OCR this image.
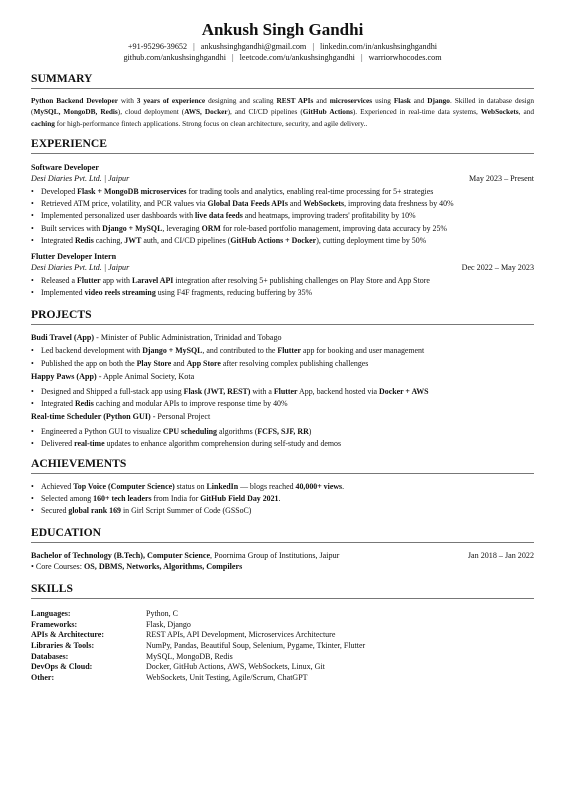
Ankush Singh Gandhi
+91-95296-39652 | ankushsinghgandhi@gmail.com | linkedin.com/in/ankushsinghgandhi
github.com/ankushsinghgandhi | leetcode.com/u/ankushsinghgandhi | warriorwhocodes.com
SUMMARY
Python Backend Developer with 3 years of experience designing and scaling REST APIs and microservices using Flask and Django. Skilled in database design (MySQL, MongoDB, Redis), cloud deployment (AWS, Docker), and CI/CD pipelines (GitHub Actions). Experienced in real-time data systems, WebSockets, and caching for high-performance fintech applications. Strong focus on clean architecture, security, and agile delivery..
EXPERIENCE
Software Developer
Desi Diaries Pvt. Ltd. | Jaipur	May 2023 – Present
• Developed Flask + MongoDB microservices for trading tools and analytics, enabling real-time processing for 5+ strategies
• Retrieved ATM price, volatility, and PCR values via Global Data Feeds APIs and WebSockets, improving data freshness by 40%
• Implemented personalized user dashboards with live data feeds and heatmaps, improving traders' profitability by 10%
• Built services with Django + MySQL, leveraging ORM for role-based portfolio management, improving data accuracy by 25%
• Integrated Redis caching, JWT auth, and CI/CD pipelines (GitHub Actions + Docker), cutting deployment time by 50%
Flutter Developer Intern
Desi Diaries Pvt. Ltd. | Jaipur	Dec 2022 – May 2023
• Released a Flutter app with Laravel API integration after resolving 5+ publishing challenges on Play Store and App Store
• Implemented video reels streaming using F4F fragments, reducing buffering by 35%
PROJECTS
Budi Travel (App) - Minister of Public Administration, Trinidad and Tobago
• Led backend development with Django + MySQL, and contributed to the Flutter app for booking and user management
• Published the app on both the Play Store and App Store after resolving complex publishing challenges
Happy Paws (App) - Apple Animal Society, Kota
• Designed and Shipped a full-stack app using Flask (JWT, REST) with a Flutter App, backend hosted via Docker + AWS
• Integrated Redis caching and modular APIs to improve response time by 40%
Real-time Scheduler (Python GUI) - Personal Project
• Engineered a Python GUI to visualize CPU scheduling algorithms (FCFS, SJF, RR)
• Delivered real-time updates to enhance algorithm comprehension during self-study and demos
ACHIEVEMENTS
• Achieved Top Voice (Computer Science) status on LinkedIn — blogs reached 40,000+ views.
• Selected among 160+ tech leaders from India for GitHub Field Day 2021.
• Secured global rank 169 in Girl Script Summer of Code (GSSoC)
EDUCATION
Bachelor of Technology (B.Tech), Computer Science, Poornima Group of Institutions, Jaipur	Jan 2018 – Jan 2022
• Core Courses: OS, DBMS, Networks, Algorithms, Compilers
SKILLS
Languages:	Python, C
Frameworks:	Flask, Django
APIs & Architecture:	REST APIs, API Development, Microservices Architecture
Libraries & Tools:	NumPy, Pandas, Beautiful Soup, Selenium, Pygame, Tkinter, Flutter
Databases:	MySQL, MongoDB, Redis
DevOps & Cloud:	Docker, GitHub Actions, AWS, WebSockets, Linux, Git
Other:	WebSockets, Unit Testing, Agile/Scrum, ChatGPT
